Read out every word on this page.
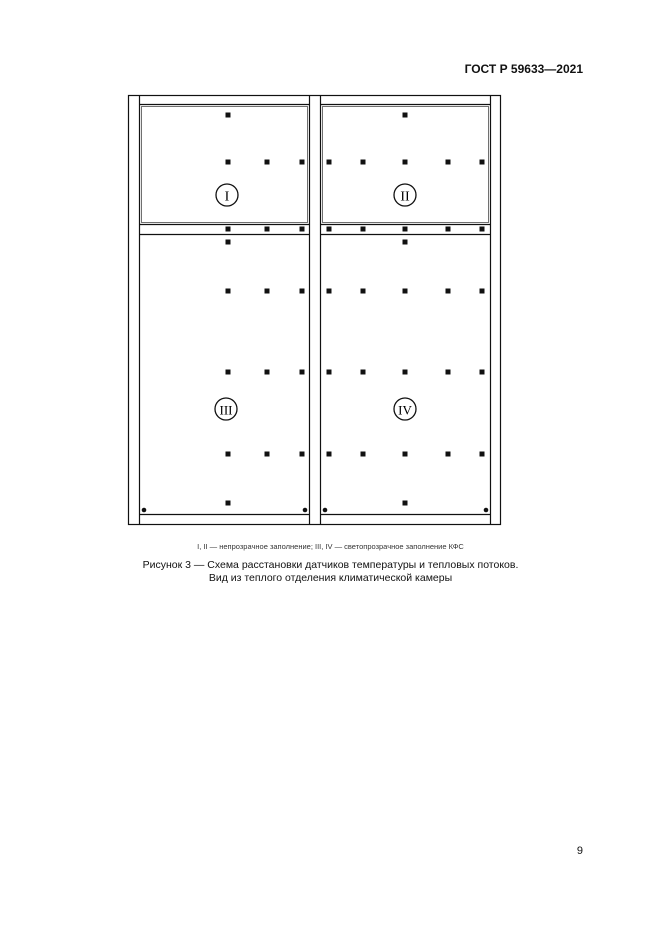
ГОСТ Р 59633—2021
I	II
III	IV
I, II — непрозрачное заполнение; III, IV — светопрозрачное заполнение КФС
Рисунок 3 — Схема расстановки датчиков температуры и тепловых потоков.
Вид из теплого отделения климатической камеры
9
